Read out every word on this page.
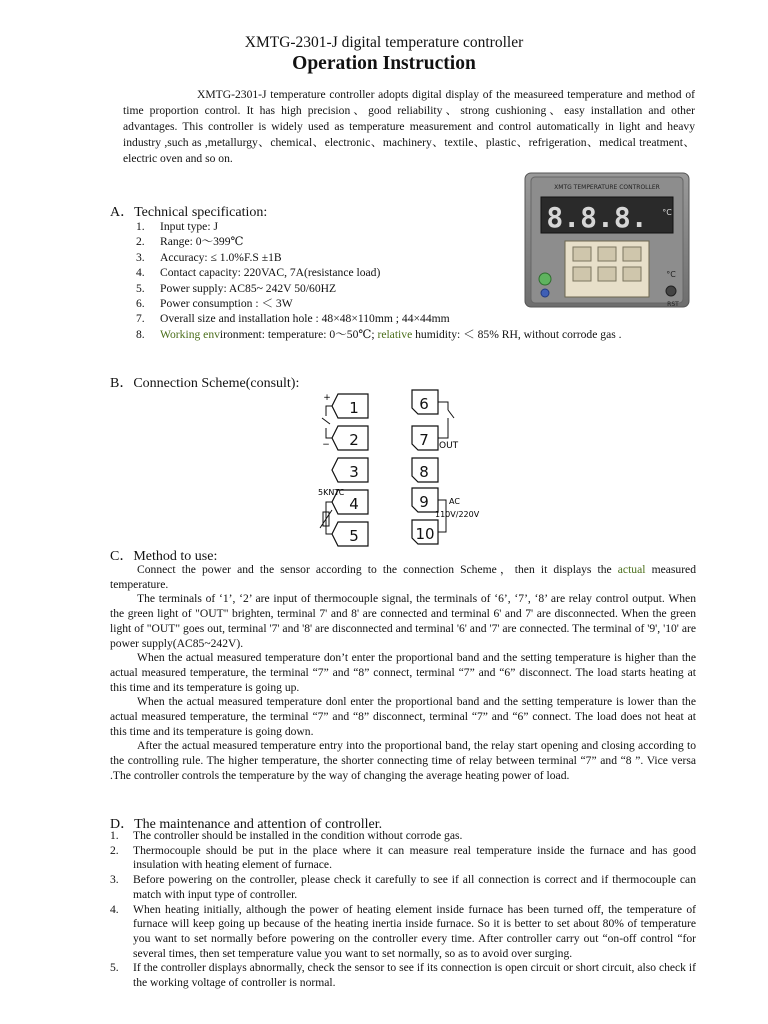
XMTG-2301-J digital temperature controller
Operation Instruction
XMTG-2301-J temperature controller adopts digital display of the measureed temperature and method of time proportion control. It has high precision、good reliability、strong cushioning、easy installation and other advantages. This controller is widely used as temperature measurement and control automatically in light and heavy industry ,such as ,metallurgy、chemical、electronic、machinery、textile、plastic、refrigeration、medical treatment、electric oven and so on.
XMTG TEMPERATURE CONTROLLER
8.8.8. °C
°C
RST
A．Technical specification:
1. Input type: J
2. Range: 0～399℃
3. Accuracy: ≤ 1.0%F.S ±1B
4. Contact capacity: 220VAC, 7A(resistance load)
5. Power supply: AC85~ 242V 50/60HZ
6. Power consumption : ＜ 3W
7. Overall size and installation hole : 48×48×110mm ; 44×44mm
8. Working environment: temperature: 0～50℃; relative humidity: ＜ 85% RH, without corrode gas .
B．Connection Scheme(consult):
1
2
3
4
5
6
7
8
9
10
+
−	OUT
5KNTC
AC
110V/220V
C．Method to use:

Connect the power and the sensor according to the connection Scheme，then it displays the actual measured temperature.

The terminals of ‘1’, ‘2’ are input of thermocouple signal, the terminals of ‘6’, ‘7’, ‘8’ are relay control output. When the green light of "OUT" brighten, terminal 7' and 8' are connected and terminal 6' and 7' are disconnected. When the green light of "OUT" goes out, terminal '7' and '8' are disconnected and terminal '6' and '7' are connected. The terminal of '9', '10' are power supply(AC85~242V).

When the actual measured temperature don’t enter the proportional band and the setting temperature is higher than the actual measured temperature, the terminal “7” and “8” connect, terminal “7” and “6” disconnect. The load starts heating at this time and its temperature is going up.

When the actual measured temperature donl enter the proportional band and the setting temperature is lower than the actual measured temperature, the terminal “7” and “8” disconnect, terminal “7” and “6” connect. The load does not heat at this time and its temperature is going down.

After the actual measured temperature entry into the proportional band, the relay start opening and closing according to the controlling rule. The higher temperature, the shorter connecting time of relay between terminal “7” and “8 ”. Vice versa .The controller controls the temperature by the way of changing the average heating power of load.

D．The maintenance and attention of controller.
1. The controller should be installed in the condition without corrode gas.
2. Thermocouple should be put in the place where it can measure real temperature inside the furnace and has good insulation with heating element of furnace.
3. Before powering on the controller, please check it carefully to see if all connection is correct and if thermocouple can match with input type of controller.
4. When heating initially, although the power of heating element inside furnace has been turned off, the temperature of furnace will keep going up because of the heating inertia inside furnace. So it is better to set about 80% of temperature you want to set normally before powering on the controller every time. After controller carry out “on-off control “for several times, then set temperature value you want to set normally, so as to avoid over surging.
5. If the controller displays abnormally, check the sensor to see if its connection is open circuit or short circuit, also check if the working voltage of controller is normal.
